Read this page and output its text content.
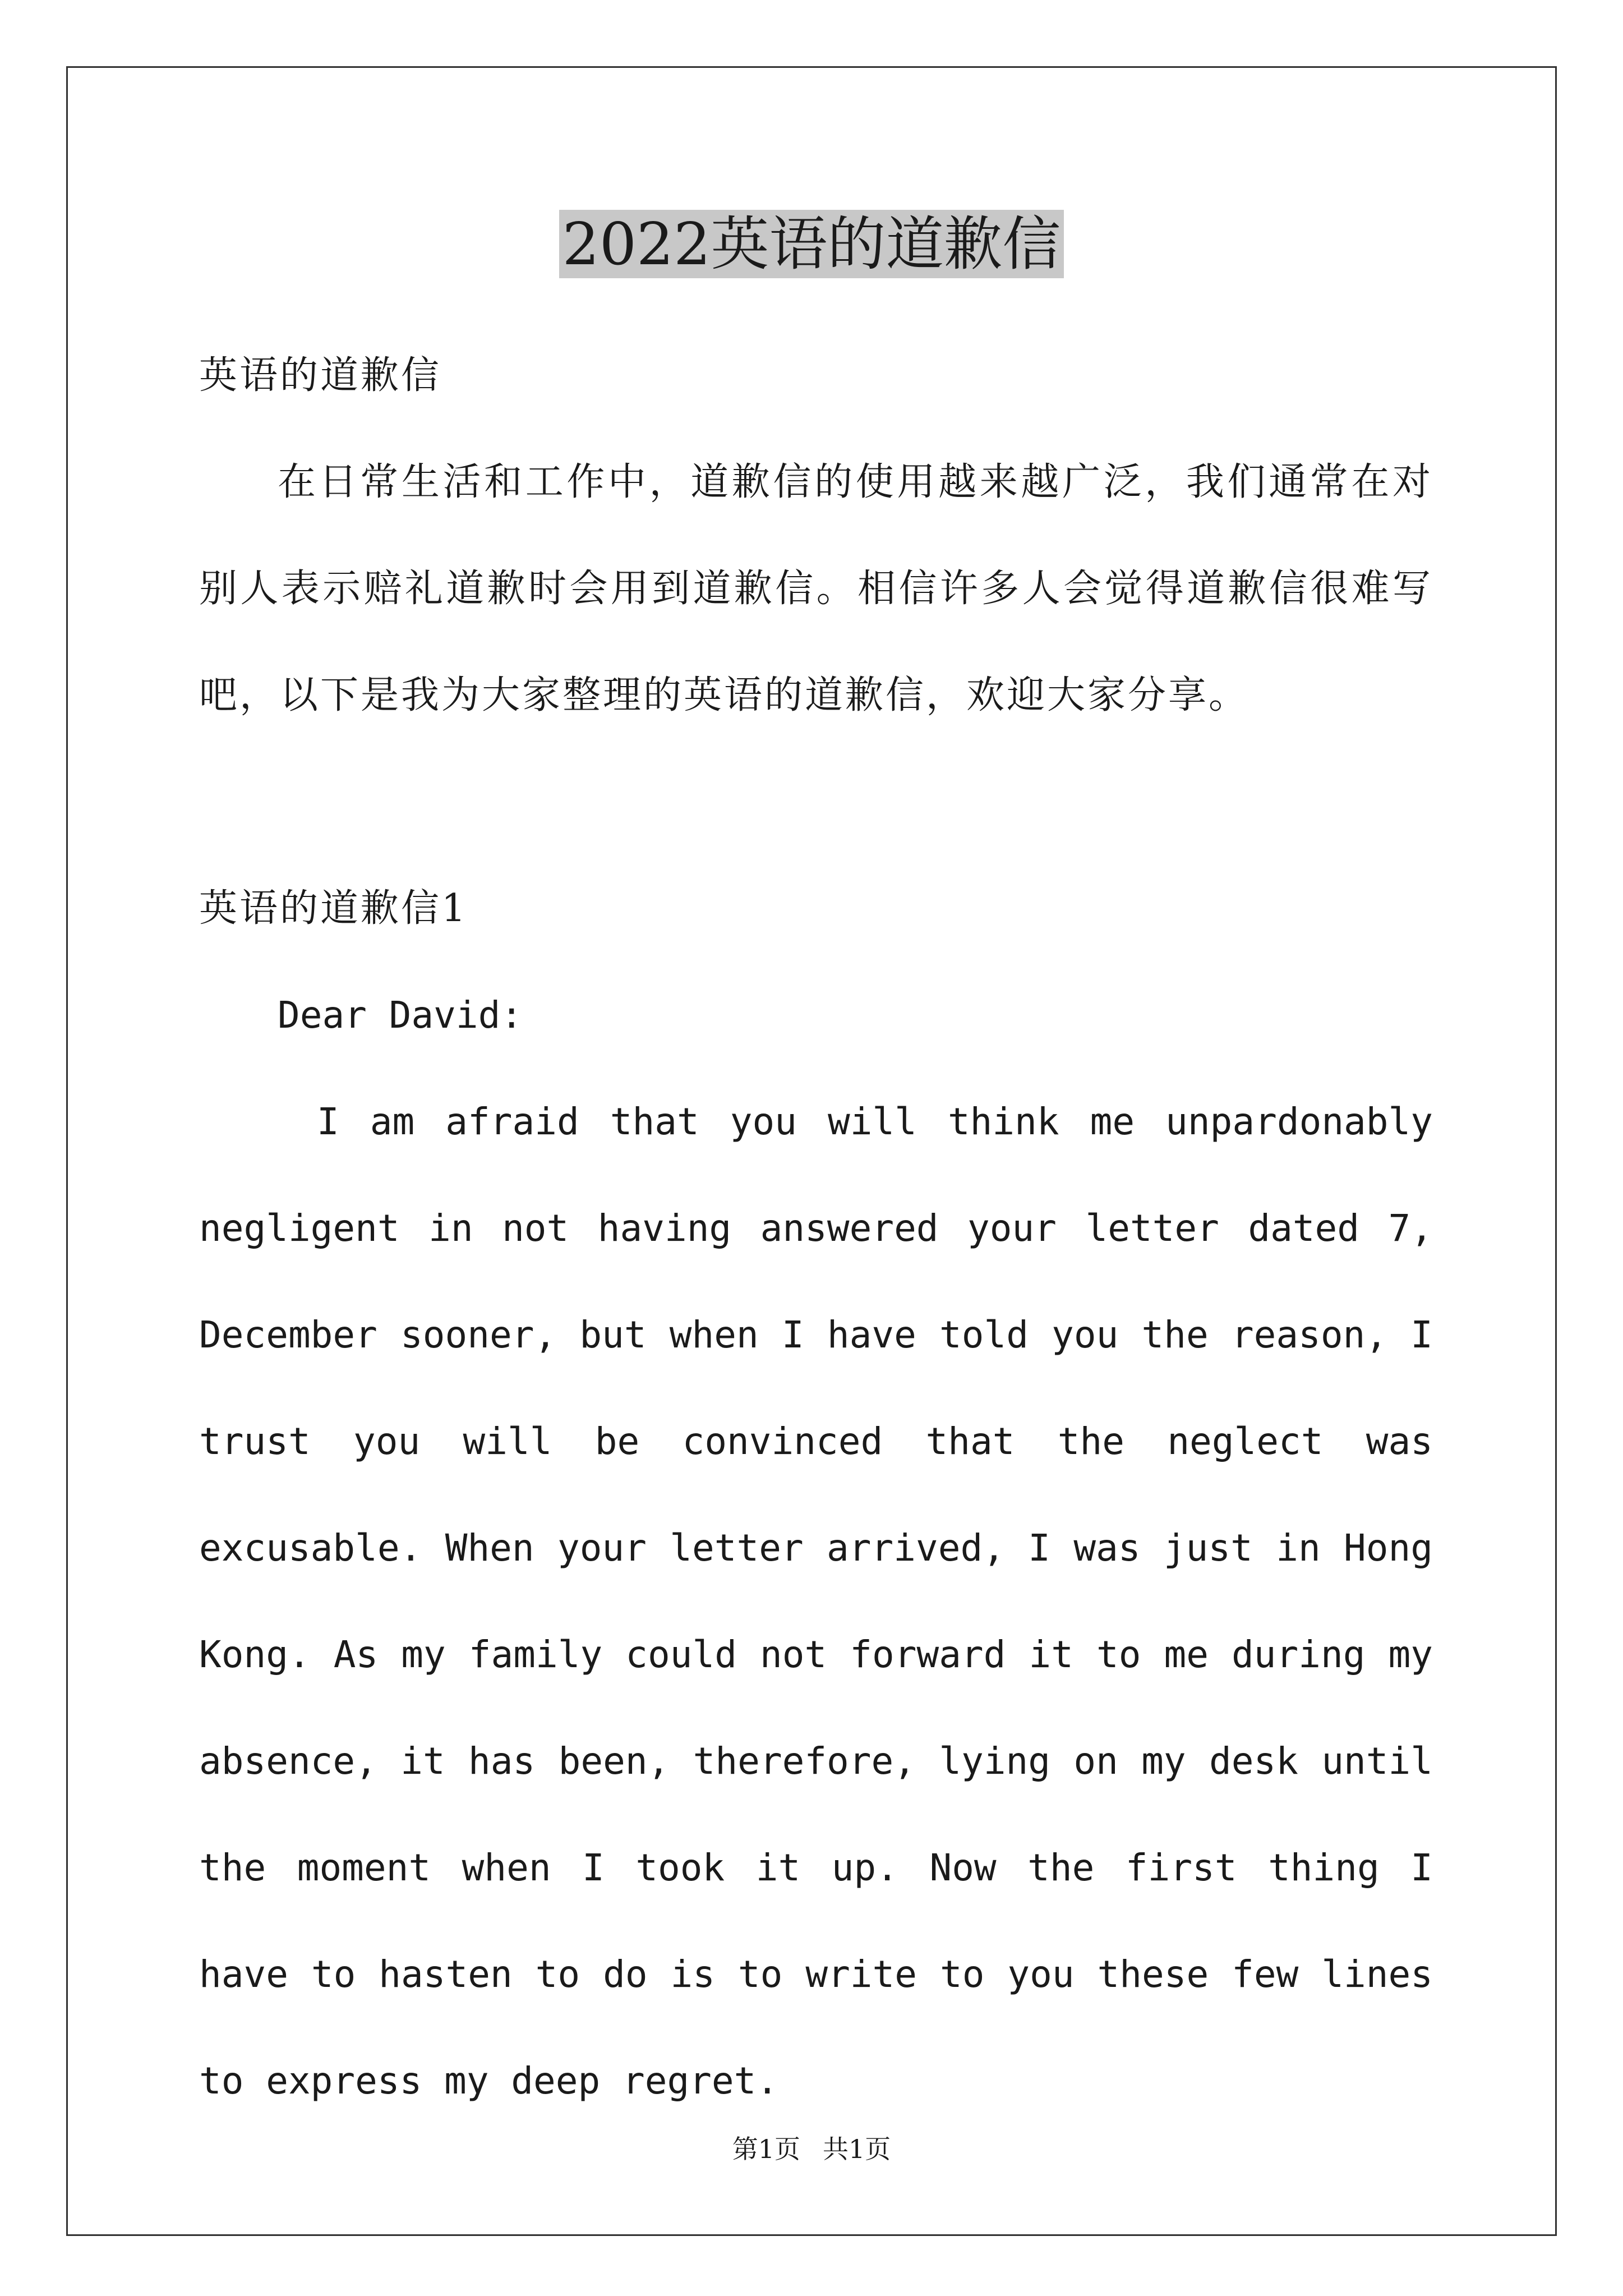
2022英语的道歉信

英语的道歉信

在日常生活和工作中，道歉信的使用越来越广泛，我们通常在对别人表示赔礼道歉时会用到道歉信。相信许多人会觉得道歉信很难写吧，以下是我为大家整理的英语的道歉信，欢迎大家分享。

英语的道歉信1

Dear David:

I am afraid that you will think me unpardonably negligent in not having answered your letter dated 7, December sooner, but when I have told you the reason, I trust you will be convinced that the neglect was excusable. When your letter arrived, I was just in Hong Kong. As my family could not forward it to me during my absence, it has been, therefore, lying on my desk until the moment when I took it up. Now the first thing I have to hasten to do is to write to you these few lines to express my deep regret.

第1页 共1页
